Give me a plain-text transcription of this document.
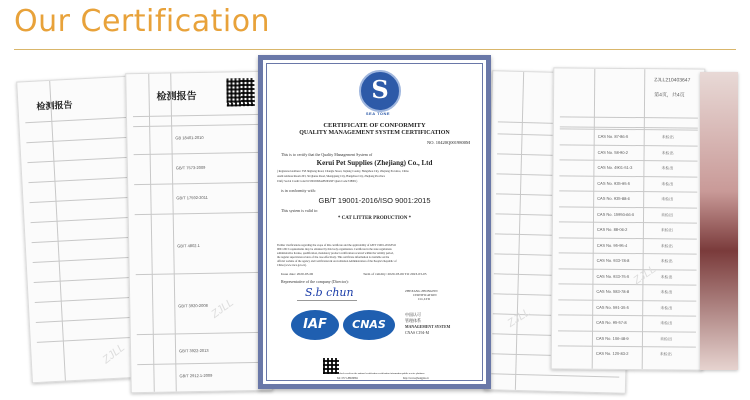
Our Certification
检测报告
ZJLL
检测报告
GB 18401-2010
GB/T 7573-2009
GB/T 17592-2011
GB/T 4802.1
GB/T 3920-2008
GB/T 3922-2013
GB/T 2912.1-2009
ZJLL	ZJLL
ZJLL210403647
第4页，共4页
CAS No. 87-86-5	未检出
CAS No. 58-90-2	未检出
CAS No. 4901-51-3	未检出
CAS No. 935-95-5	未检出
CAS No. 935-88-6	未检出
CAS No. 15950-66-0	未检出
CAS No. 88-06-2	未检出
CAS No. 95-95-4	未检出
CAS No. 933-78-8	未检出
CAS No. 933-75-5	未检出
CAS No. 583-78-8	未检出
CAS No. 591-35-5	未检出
CAS No. 95-57-8	未检出
CAS No. 106-48-9	未检出
CAS No. 120-83-2	未检出
ZJLL
S
SEA TONE
CERTIFICATE OF CONFORMITY
QUALITY MANAGEMENT SYSTEM CERTIFICATION
NO. 10420Q0019800M
This is to certify that the Quality Management System of
Kerui Pet Supplies (Zhejiang) Co., Ltd
( Registered Address: 558 Jinghong Road, Changle Street, Jiajiang County, Hangzhou City, Zhejiang Province, China
Audit Address:Room 203, 3# Qianse Road, Shengqiang City, Hangzhou City, Zhejiang Province
Unify Social Credit Code:91330100MA2H2P4J2F Quan Code:338001)
is in conformity with:
GB/T 19001-2016/ISO 9001:2015
This system is valid to:
* CAT LITTER PRODUCTION *
Further clarifications regarding the scope of this certificate and the applicability of GB/T 19001-2016/ISO
9001:2015 requirements may be obtained by this body organization. Certificate in the state regulations
administrative license, qualification, mandatory product certification received within the validity period,
the regular supervision review of the case effectively. This certificate information is available on the
official website of the agency and Certification & Accreditation Administration of the People's Republic of
China (www.cnca.gov.cn).
Issue date: 2020-03-06	Term of validity: 2020-03-06 TO 2023-03-05
Representative of the company (Director):
S.b chun	ZHEJIANG ZHONGPIN
CERTIFICATION
CO.,LTD
IAF	CNAS
中国认可
管理体系
MANAGEMENT SYSTEM
CNAS C194-M
The certificate check result on the national certification certification information public service platform
Tel: 0571-88630891	http://www.zjhongpin.cn
